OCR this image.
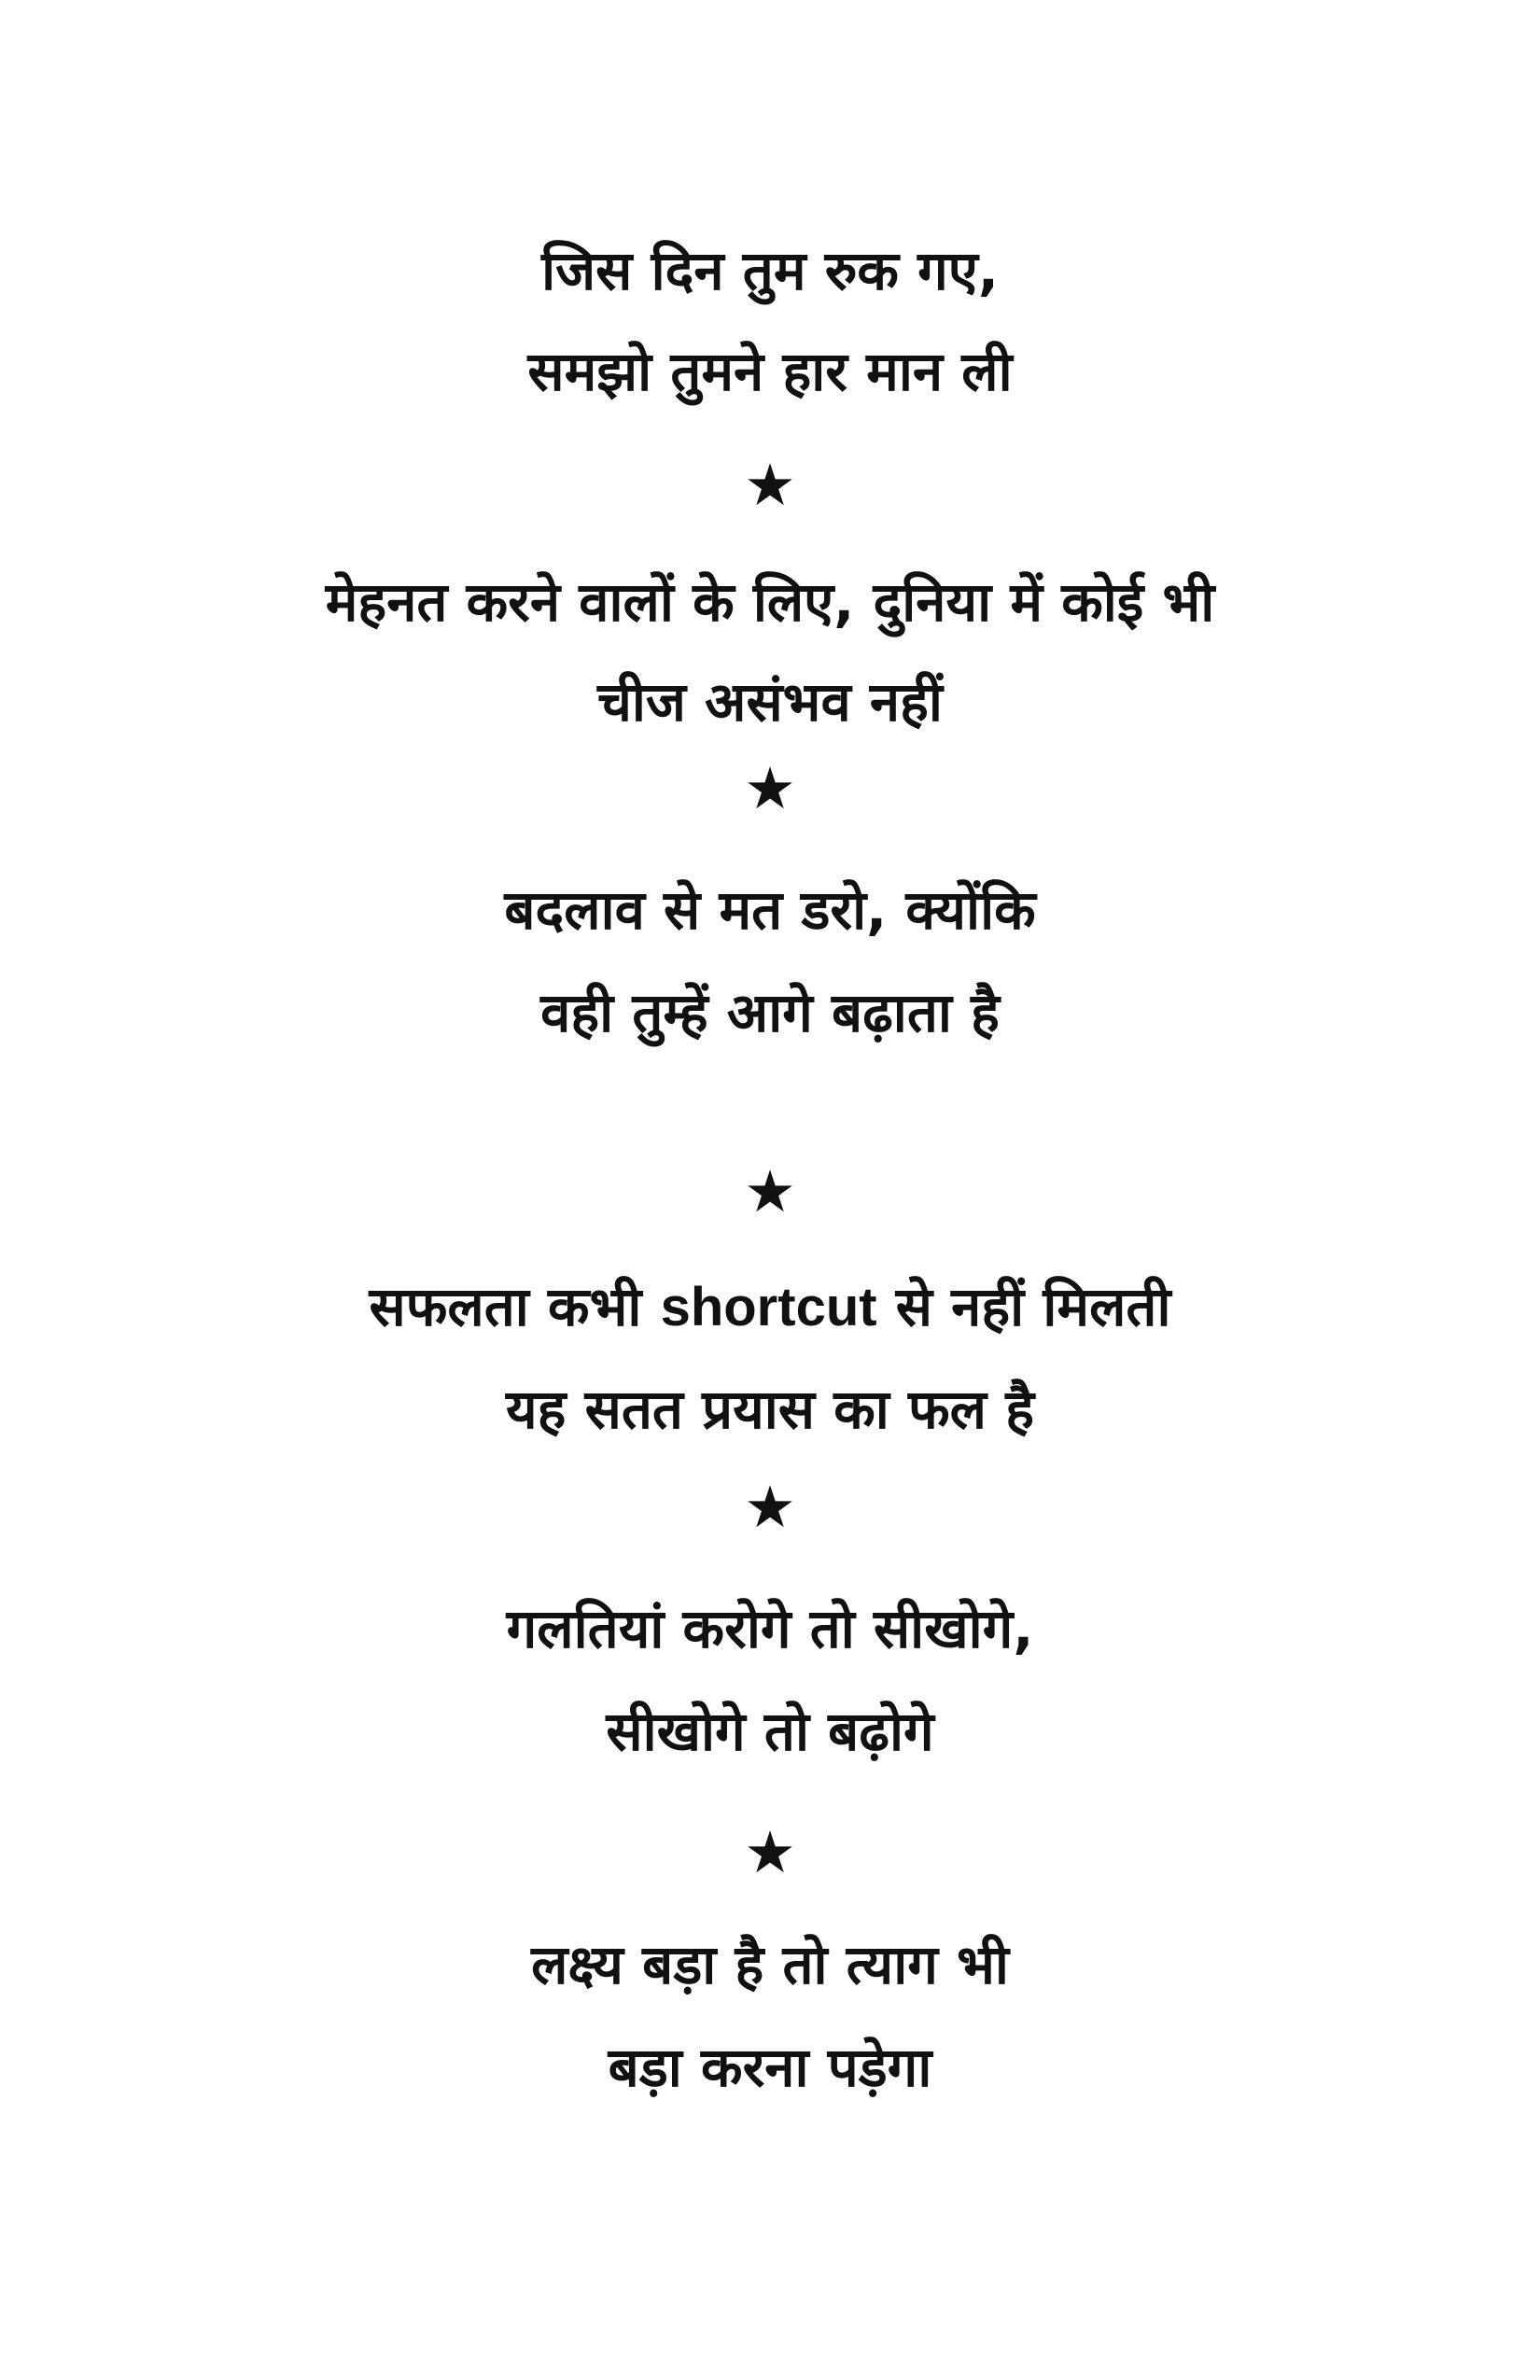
जिस दिन तुम रुक गए,
समझो तुमने हार मान ली
★
मेहनत करने वालों के लिए, दुनिया में कोई भी
चीज असंभव नहीं
★
बदलाव से मत डरो, क्योंकि
वही तुम्हें आगे बढ़ाता है
★
सफलता कभी shortcut से नहीं मिलती
यह सतत प्रयास का फल है
★
गलतियां करोगे तो सीखोगे,
सीखोगे तो बढ़ोगे
★
लक्ष्य बड़ा है तो त्याग भी
बड़ा करना पड़ेगा
